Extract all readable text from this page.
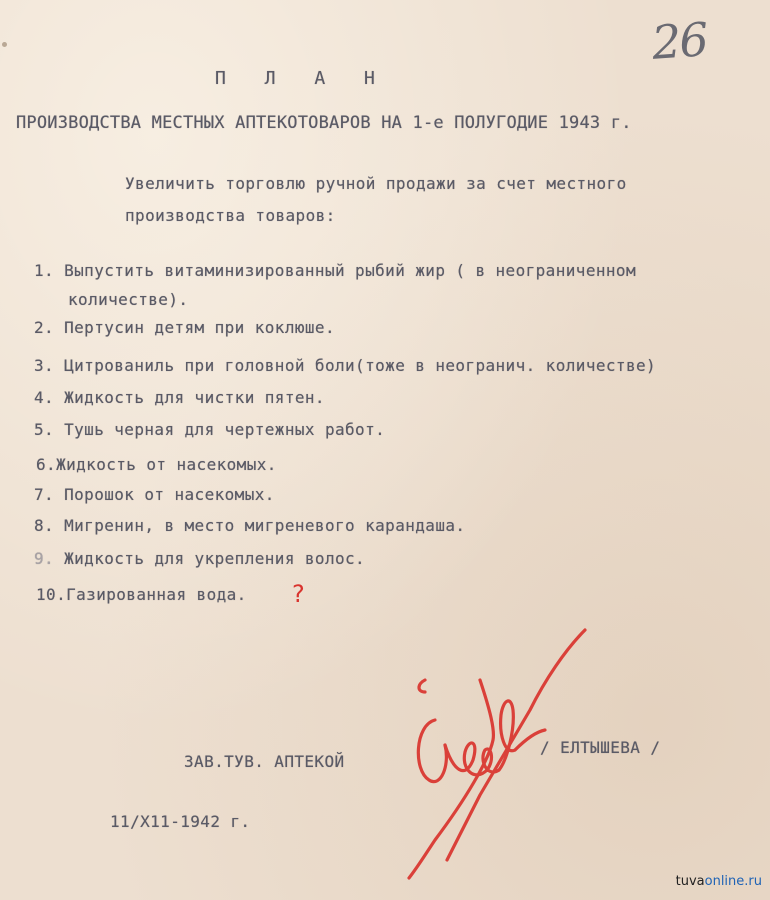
26
П Л А Н
ПРОИЗВОДСТВА МЕСТНЫХ АПТЕКОТОВАРОВ НА 1-е ПОЛУГОДИЕ 1943 г.
Увеличить торговлю ручной продажи за счет местного
производства товаров:
1. Выпустить витаминизированный рыбий жир ( в неограниченном
количестве).
2. Пертусин детям при коклюше.
3. Цитрованиль при головной боли(тоже в неогранич. количестве)
4. Жидкость для чистки пятен.
5. Тушь черная для чертежных работ.
6.Жидкость от насекомых.
7. Порошок от насекомых.
8. Мигренин, в место мигреневого карандаша.
9. Жидкость для укрепления волос.
10.Газированная вода. ?
ЗАВ.ТУВ. АПТЕКОЙ
/ ЕЛТЫШЕВА /
11/Х11-1942 г.
tuvaonline.ru
